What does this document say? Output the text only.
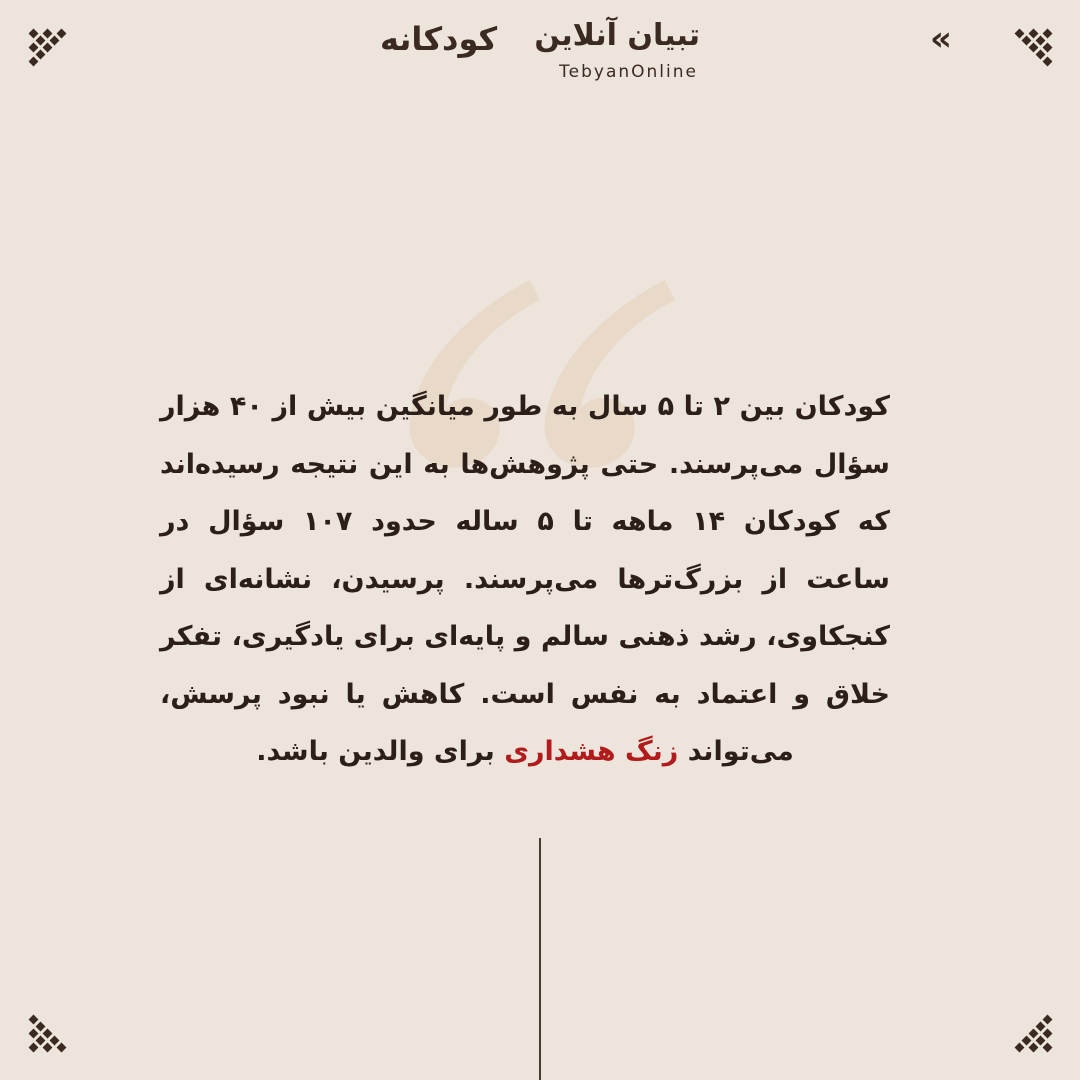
تبیان آنلاین
کودکانه
TebyanOnline
«
کودکان بین ۲ تا ۵ سال به طور میانگین بیش از ۴۰ هزار سؤال می‌پرسند. حتی پژوهش‌ها به این نتیجه رسیده‌اند که کودکان ۱۴ ماهه تا ۵ ساله حدود ۱۰۷ سؤال در ساعت از بزرگ‌ترها می‌پرسند. پرسیدن، نشانه‌ای از کنجکاوی، رشد ذهنی سالم و پایه‌ای برای یادگیری، تفکر خلاق و اعتماد به نفس است. کاهش یا نبود پرسش، می‌تواند زنگ هشداری برای والدین باشد.
